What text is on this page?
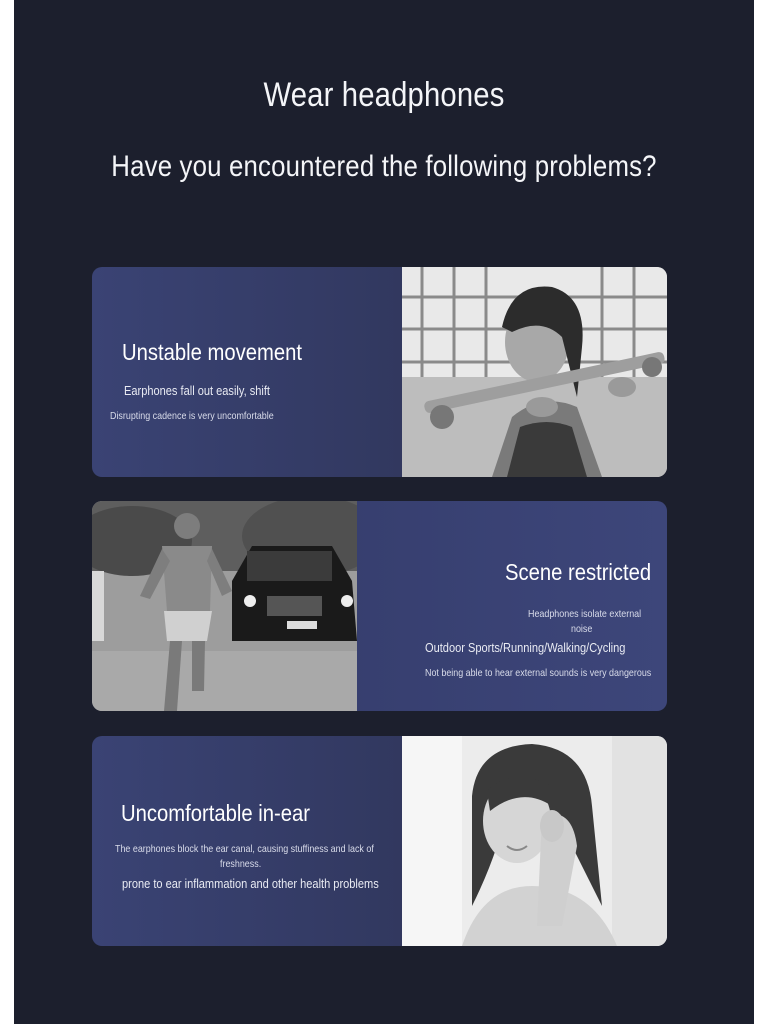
Wear headphones
Have you encountered the following problems?
Unstable movement
Earphones fall out easily, shift
Disrupting cadence is very uncomfortable
Scene restricted
Headphones isolate external
noise
Outdoor Sports/Running/Walking/Cycling
Not being able to hear external sounds is very dangerous
Uncomfortable in-ear
The earphones block the ear canal, causing stuffiness and lack of
freshness.
prone to ear inflammation and other health problems
